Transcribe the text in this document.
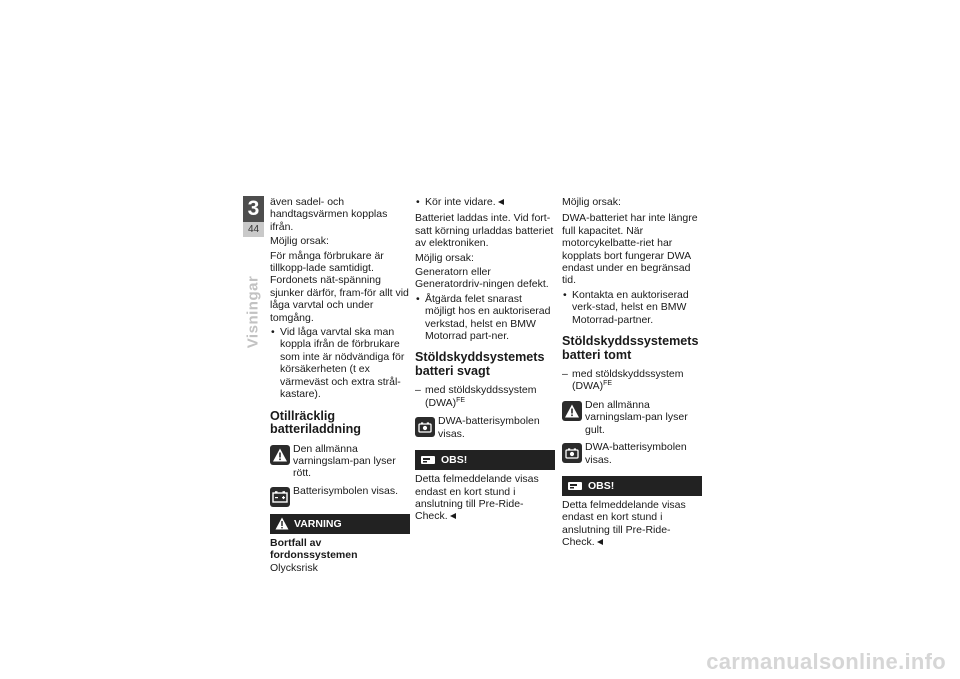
3
44
Visningar

även sadel- och handtagsvärmen kopplas ifrån.

Möjlig orsak:

För många förbrukare är tillkopp-lade samtidigt. Fordonets nät-spänning sjunker därför, fram-för allt vid låga varvtal och under tomgång.

• Vid låga varvtal ska man koppla ifrån de förbrukare som inte är nödvändiga för körsäkerheten (t ex värmeväst och extra strål-kastare).
Otillräcklig batteriladdning
Den allmänna varningslam-pan lyser rött.
Batterisymbolen visas.
VARNING

Bortfall av fordonssystemen

Olycksrisk

• Kör inte vidare.

Batteriet laddas inte. Vid fort-satt körning urladdas batteriet av elektroniken.

Möjlig orsak:

Generatorn eller Generatordriv-ningen defekt.

• Åtgärda felet snarast möjligt hos en auktoriserad verkstad, helst en BMW Motorrad part-ner.
Stöldskyddsystemets batteri svagt
– med stöldskyddssystem (DWA)$^{FE}$
DWA-batterisymbolen visas.
OBS!

Detta felmeddelande visas endast en kort stund i anslutning till Pre-Ride-Check.

Möjlig orsak:

DWA-batteriet har inte längre full kapacitet. När motorcykelbatte-riet har kopplats bort fungerar DWA endast under en begränsad tid.

• Kontakta en auktoriserad verk-stad, helst en BMW Motorrad-partner.
Stöldskyddssystemets batteri tomt
– med stöldskyddssystem (DWA)$^{FE}$
Den allmänna varningslam-pan lyser gult.
DWA-batterisymbolen visas.
OBS!

Detta felmeddelande visas endast en kort stund i anslutning till Pre-Ride-Check.

carmanualsonline.info
